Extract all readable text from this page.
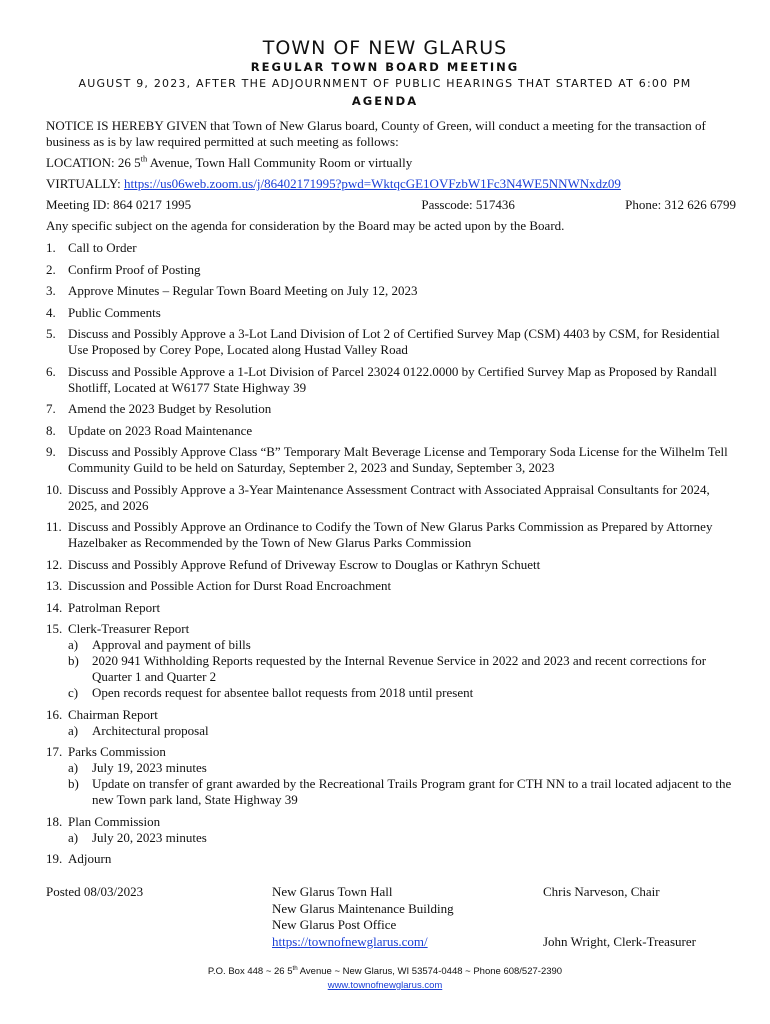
TOWN OF NEW GLARUS
REGULAR TOWN BOARD MEETING
AUGUST 9, 2023, AFTER THE ADJOURNMENT OF PUBLIC HEARINGS THAT STARTED AT 6:00 PM
AGENDA

NOTICE IS HEREBY GIVEN that Town of New Glarus board, County of Green, will conduct a meeting for the transaction of business as is by law required permitted at such meeting as follows:

LOCATION: 26 5th Avenue, Town Hall Community Room or virtually

VIRTUALLY: https://us06web.zoom.us/j/86402171995?pwd=WktqcGE1OVFzbW1Fc3N4WE5NNWNxdz09

Meeting ID: 864 0217 1995	Passcode: 517436	Phone: 312 626 6799

Any specific subject on the agenda for consideration by the Board may be acted upon by the Board.

1. Call to Order
2. Confirm Proof of Posting
3. Approve Minutes – Regular Town Board Meeting on July 12, 2023
4. Public Comments
5. Discuss and Possibly Approve a 3-Lot Land Division of Lot 2 of Certified Survey Map (CSM) 4403 by CSM, for Residential Use Proposed by Corey Pope, Located along Hustad Valley Road
6. Discuss and Possible Approve a 1-Lot Division of Parcel 23024 0122.0000 by Certified Survey Map as Proposed by Randall Shotliff, Located at W6177 State Highway 39
7. Amend the 2023 Budget by Resolution
8. Update on 2023 Road Maintenance
9. Discuss and Possibly Approve Class “B” Temporary Malt Beverage License and Temporary Soda License for the Wilhelm Tell Community Guild to be held on Saturday, September 2, 2023 and Sunday, September 3, 2023
10. Discuss and Possibly Approve a 3-Year Maintenance Assessment Contract with Associated Appraisal Consultants for 2024, 2025, and 2026
11. Discuss and Possibly Approve an Ordinance to Codify the Town of New Glarus Parks Commission as Prepared by Attorney Hazelbaker as Recommended by the Town of New Glarus Parks Commission
12. Discuss and Possibly Approve Refund of Driveway Escrow to Douglas or Kathryn Schuett
13. Discussion and Possible Action for Durst Road Encroachment
14. Patrolman Report
15. Clerk-Treasurer Report
a) Approval and payment of bills
b) 2020 941 Withholding Reports requested by the Internal Revenue Service in 2022 and 2023 and recent corrections for Quarter 1 and Quarter 2
c) Open records request for absentee ballot requests from 2018 until present
16. Chairman Report
a) Architectural proposal
17. Parks Commission
a) July 19, 2023 minutes
b) Update on transfer of grant awarded by the Recreational Trails Program grant for CTH NN to a trail located adjacent to the new Town park land, State Highway 39
18. Plan Commission
a) July 20, 2023 minutes
19. Adjourn
Posted 08/03/2023	New Glarus Town Hall
New Glarus Maintenance Building
New Glarus Post Office
https://townofnewglarus.com/
Chris Narveson, Chair
John Wright, Clerk-Treasurer
P.O. Box 448 ~ 26 5th Avenue ~ New Glarus, WI 53574-0448 ~ Phone 608/527-2390
www.townofnewglarus.com
